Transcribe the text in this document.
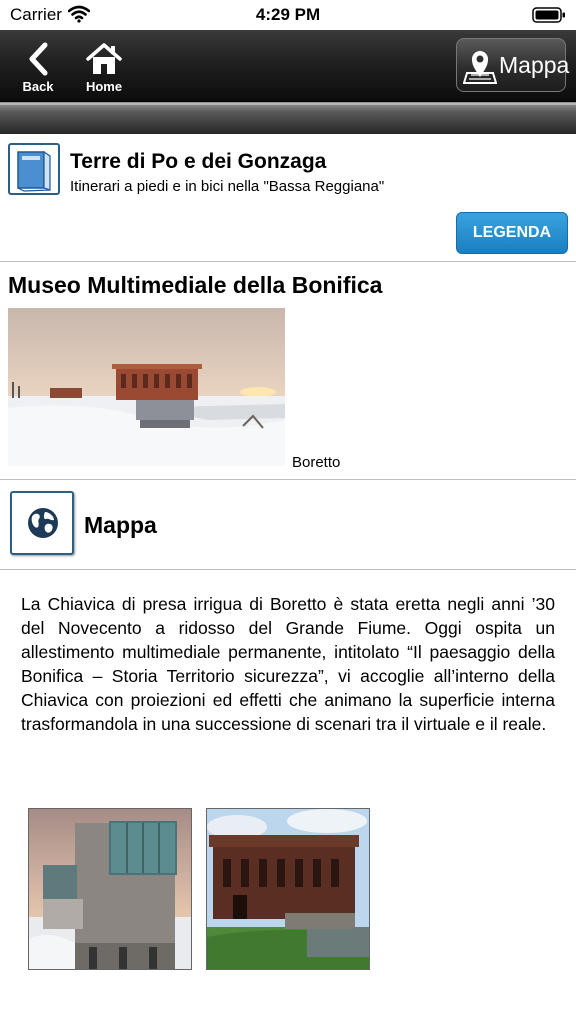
Carrier	4:29 PM
Back	Home
Mappa
Terre di Po e dei Gonzaga
Itinerari a piedi e in bici nella "Bassa Reggiana"
LEGENDA
Museo Multimediale della Bonifica
Boretto
Mappa
La Chiavica di presa irrigua di Boretto è stata eretta negli anni ’30 del Novecento a ridosso del Grande Fiume. Oggi ospita un allestimento multimediale permanente, intitolato “Il paesaggio della Bonifica – Storia Territorio sicurezza”, vi accoglie all’interno della Chiavica con proiezioni ed effetti che animano la superficie interna trasformandola in una successione di scenari tra il virtuale e il reale.
